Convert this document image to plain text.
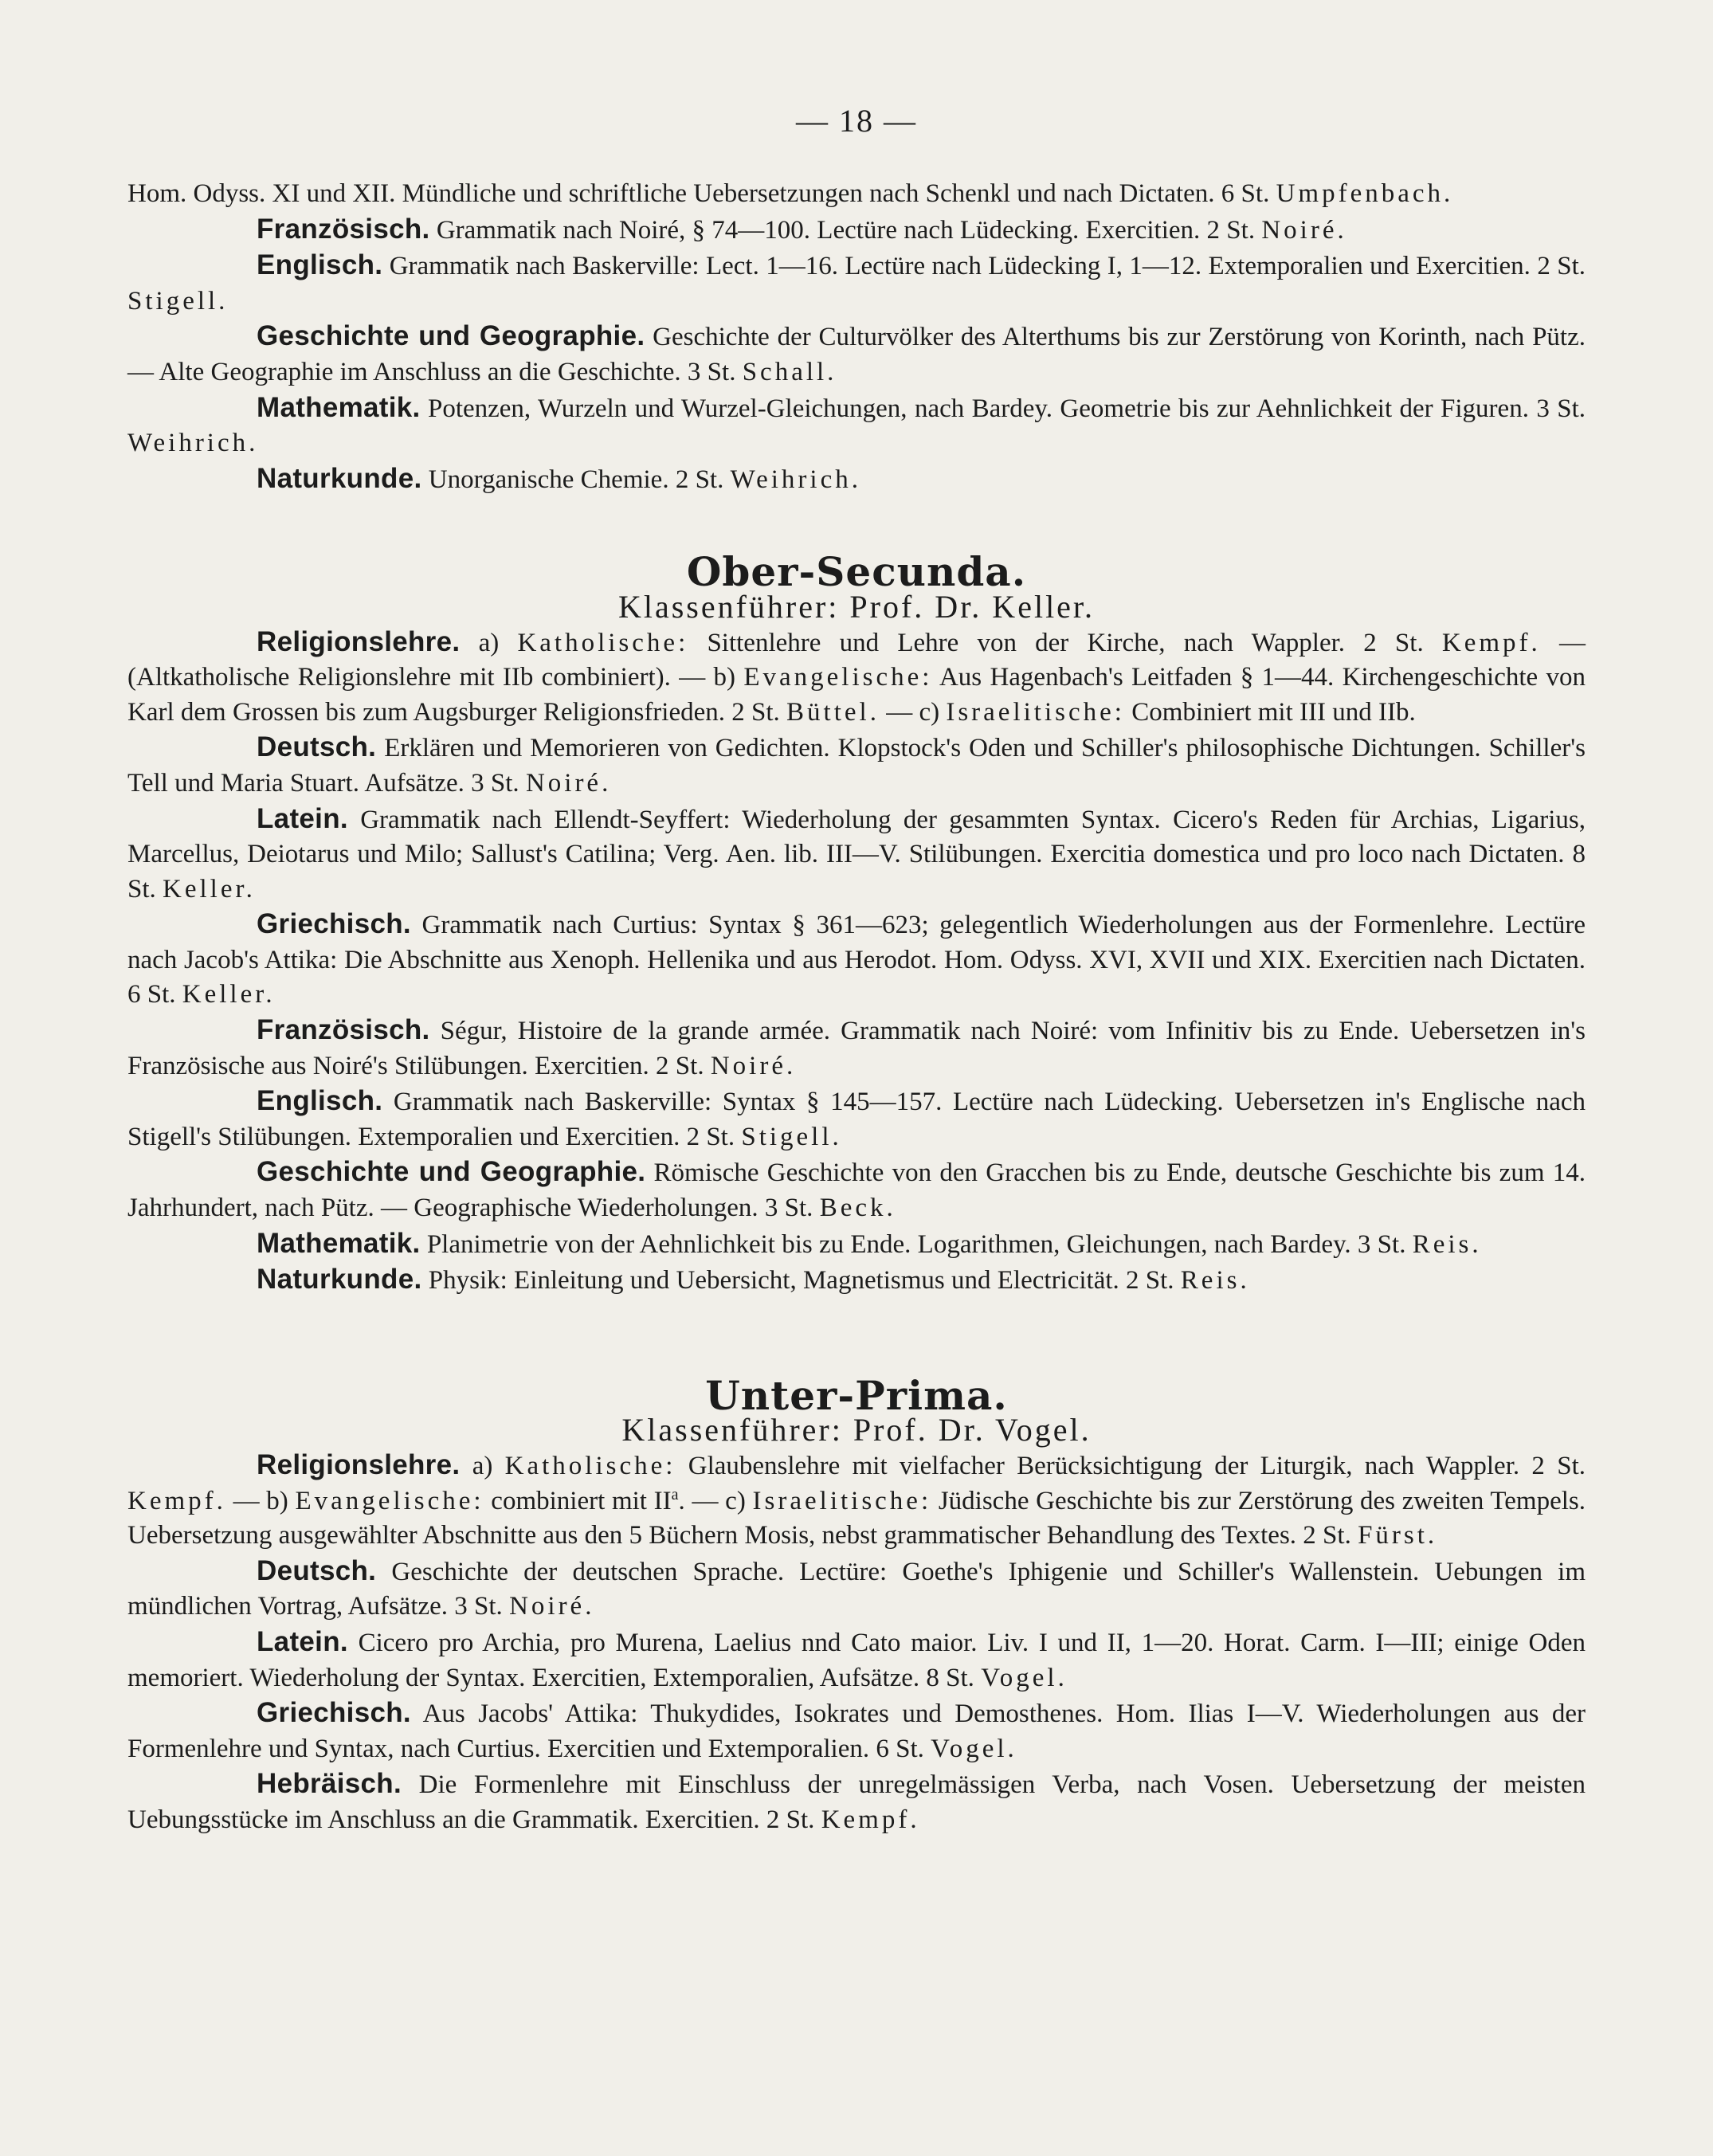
— 18 —

Hom. Odyss. XI und XII. Mündliche und schriftliche Uebersetzungen nach Schenkl und nach Dictaten. 6 St. Umpfenbach.

Französisch. Grammatik nach Noiré, § 74—100. Lectüre nach Lüdecking. Exercitien. 2 St. Noiré.

Englisch. Grammatik nach Baskerville: Lect. 1—16. Lectüre nach Lüdecking I, 1—12. Extemporalien und Exercitien. 2 St. Stigell.

Geschichte und Geographie. Geschichte der Culturvölker des Alterthums bis zur Zerstörung von Korinth, nach Pütz. — Alte Geographie im Anschluss an die Geschichte. 3 St. Schall.

Mathematik. Potenzen, Wurzeln und Wurzel-Gleichungen, nach Bardey. Geometrie bis zur Aehnlichkeit der Figuren. 3 St. Weihrich.

Naturkunde. Unorganische Chemie. 2 St. Weihrich.

Ober-Secunda.

Klassenführer: Prof. Dr. Keller.

Religionslehre. a) Katholische: Sittenlehre und Lehre von der Kirche, nach Wappler. 2 St. Kempf. — (Altkatholische Religionslehre mit IIb combiniert). — b) Evangelische: Aus Hagenbach's Leitfaden § 1—44. Kirchengeschichte von Karl dem Grossen bis zum Augsburger Religionsfrieden. 2 St. Büttel. — c) Israelitische: Combiniert mit III und IIb.

Deutsch. Erklären und Memorieren von Gedichten. Klopstock's Oden und Schiller's philosophische Dichtungen. Schiller's Tell und Maria Stuart. Aufsätze. 3 St. Noiré.

Latein. Grammatik nach Ellendt-Seyffert: Wiederholung der gesammten Syntax. Cicero's Reden für Archias, Ligarius, Marcellus, Deiotarus und Milo; Sallust's Catilina; Verg. Aen. lib. III—V. Stilübungen. Exercitia domestica und pro loco nach Dictaten. 8 St. Keller.

Griechisch. Grammatik nach Curtius: Syntax § 361—623; gelegentlich Wiederholungen aus der Formenlehre. Lectüre nach Jacob's Attika: Die Abschnitte aus Xenoph. Hellenika und aus Herodot. Hom. Odyss. XVI, XVII und XIX. Exercitien nach Dictaten. 6 St. Keller.

Französisch. Ségur, Histoire de la grande armée. Grammatik nach Noiré: vom Infinitiv bis zu Ende. Uebersetzen in's Französische aus Noiré's Stilübungen. Exercitien. 2 St. Noiré.

Englisch. Grammatik nach Baskerville: Syntax § 145—157. Lectüre nach Lüdecking. Uebersetzen in's Englische nach Stigell's Stilübungen. Extemporalien und Exercitien. 2 St. Stigell.

Geschichte und Geographie. Römische Geschichte von den Gracchen bis zu Ende, deutsche Geschichte bis zum 14. Jahrhundert, nach Pütz. — Geographische Wiederholungen. 3 St. Beck.

Mathematik. Planimetrie von der Aehnlichkeit bis zu Ende. Logarithmen, Gleichungen, nach Bardey. 3 St. Reis.

Naturkunde. Physik: Einleitung und Uebersicht, Magnetismus und Electricität. 2 St. Reis.

Unter-Prima.

Klassenführer: Prof. Dr. Vogel.

Religionslehre. a) Katholische: Glaubenslehre mit vielfacher Berücksichtigung der Liturgik, nach Wappler. 2 St. Kempf. — b) Evangelische: combiniert mit $II^a$. — c) Israelitische: Jüdische Geschichte bis zur Zerstörung des zweiten Tempels. Uebersetzung ausgewählter Abschnitte aus den 5 Büchern Mosis, nebst grammatischer Behandlung des Textes. 2 St. Fürst.

Deutsch. Geschichte der deutschen Sprache. Lectüre: Goethe's Iphigenie und Schiller's Wallenstein. Uebungen im mündlichen Vortrag, Aufsätze. 3 St. Noiré.

Latein. Cicero pro Archia, pro Murena, Laelius nnd Cato maior. Liv. I und II, 1—20. Horat. Carm. I—III; einige Oden memoriert. Wiederholung der Syntax. Exercitien, Extemporalien, Aufsätze. 8 St. Vogel.

Griechisch. Aus Jacobs' Attika: Thukydides, Isokrates und Demosthenes. Hom. Ilias I—V. Wiederholungen aus der Formenlehre und Syntax, nach Curtius. Exercitien und Extemporalien. 6 St. Vogel.

Hebräisch. Die Formenlehre mit Einschluss der unregelmässigen Verba, nach Vosen. Uebersetzung der meisten Uebungsstücke im Anschluss an die Grammatik. Exercitien. 2 St. Kempf.
